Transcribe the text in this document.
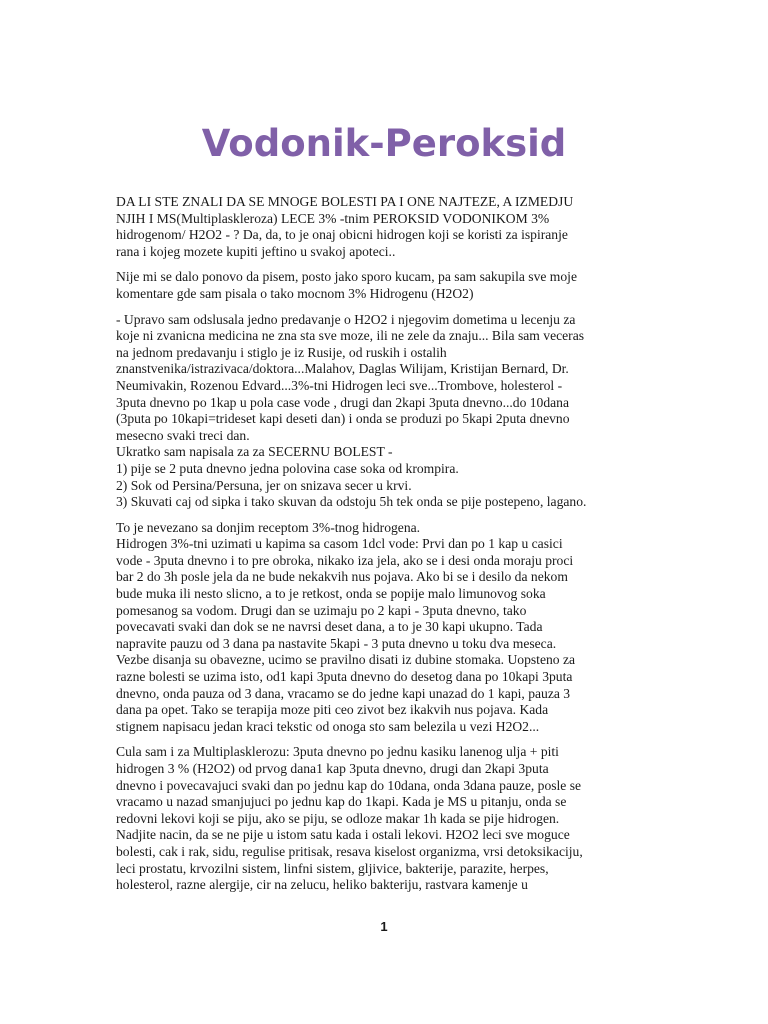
Vodonik-Peroksid

DA LI STE ZNALI DA SE MNOGE BOLESTI PA I ONE NAJTEZE, A IZMEDJU
NJIH I MS(Multiplaskleroza) LECE 3% -tnim PEROKSID VODONIKOM 3%
hidrogenom/ H2O2 - ? Da, da, to je onaj obicni hidrogen koji se koristi za ispiranje
rana i kojeg mozete kupiti jeftino u svakoj apoteci..

Nije mi se dalo ponovo da pisem, posto jako sporo kucam, pa sam sakupila sve moje
komentare gde sam pisala o tako mocnom 3% Hidrogenu (H2O2)

- Upravo sam odslusala jedno predavanje o H2O2 i njegovim dometima u lecenju za
koje ni zvanicna medicina ne zna sta sve moze, ili ne zele da znaju... Bila sam veceras
na jednom predavanju i stiglo je iz Rusije, od ruskih i ostalih
znanstvenika/istrazivaca/doktora...Malahov, Daglas Wilijam, Kristijan Bernard, Dr.
Neumivakin, Rozenou Edvard...3%-tni Hidrogen leci sve...Trombove, holesterol -
3puta dnevno po 1kap u pola case vode , drugi dan 2kapi 3puta dnevno...do 10dana
(3puta po 10kapi=trideset kapi deseti dan) i onda se produzi po 5kapi 2puta dnevno
mesecno svaki treci dan.
Ukratko sam napisala za za SECERNU BOLEST -
1) pije se 2 puta dnevno jedna polovina case soka od krompira.
2) Sok od Persina/Persuna, jer on snizava secer u krvi.
3) Skuvati caj od sipka i tako skuvan da odstoju 5h tek onda se pije postepeno, lagano.

To je nevezano sa donjim receptom 3%-tnog hidrogena.
Hidrogen 3%-tni uzimati u kapima sa casom 1dcl vode: Prvi dan po 1 kap u casici
vode - 3puta dnevno i to pre obroka, nikako iza jela, ako se i desi onda moraju proci
bar 2 do 3h posle jela da ne bude nekakvih nus pojava. Ako bi se i desilo da nekom
bude muka ili nesto slicno, a to je retkost, onda se popije malo limunovog soka
pomesanog sa vodom. Drugi dan se uzimaju po 2 kapi - 3puta dnevno, tako
povecavati svaki dan dok se ne navrsi deset dana, a to je 30 kapi ukupno. Tada
napravite pauzu od 3 dana pa nastavite 5kapi - 3 puta dnevno u toku dva meseca.
Vezbe disanja su obavezne, ucimo se pravilno disati iz dubine stomaka. Uopsteno za
razne bolesti se uzima isto, od1 kapi 3puta dnevno do desetog dana po 10kapi 3puta
dnevno, onda pauza od 3 dana, vracamo se do jedne kapi unazad do 1 kapi, pauza 3
dana pa opet. Tako se terapija moze piti ceo zivot bez ikakvih nus pojava. Kada
stignem napisacu jedan kraci tekstic od onoga sto sam belezila u vezi H2O2...

Cula sam i za Multiplasklerozu: 3puta dnevno po jednu kasiku lanenog ulja + piti
hidrogen 3 % (H2O2) od prvog dana1 kap 3puta dnevno, drugi dan 2kapi 3puta
dnevno i povecavajuci svaki dan po jednu kap do 10dana, onda 3dana pauze, posle se
vracamo u nazad smanjujuci po jednu kap do 1kapi. Kada je MS u pitanju, onda se
redovni lekovi koji se piju, ako se piju, se odloze makar 1h kada se pije hidrogen.
Nadjite nacin, da se ne pije u istom satu kada i ostali lekovi. H2O2 leci sve moguce
bolesti, cak i rak, sidu, regulise pritisak, resava kiselost organizma, vrsi detoksikaciju,
leci prostatu, krvozilni sistem, linfni sistem, gljivice, bakterije, parazite, herpes,
holesterol, razne alergije, cir na zelucu, heliko bakteriju, rastvara kamenje u

1
